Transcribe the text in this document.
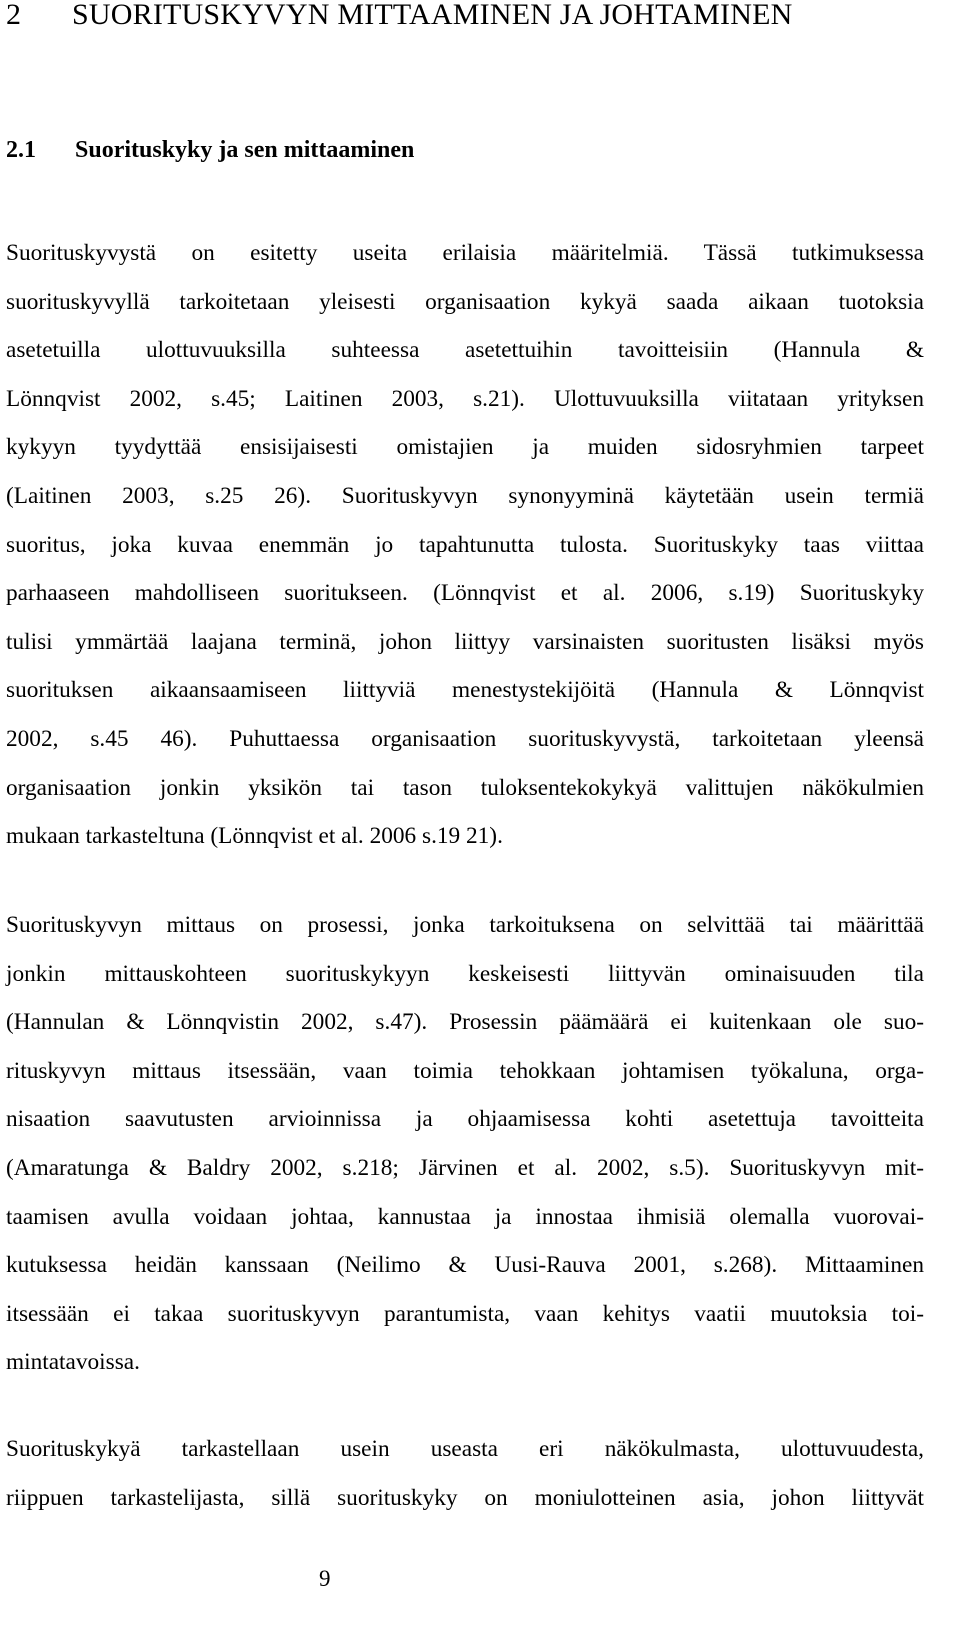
2 SUORITUSKYVYN MITTAAMINEN JA JOHTAMINEN
2.1 Suorituskyky ja sen mittaaminen
Suorituskyvystä on esitetty useita erilaisia määritelmiä. Tässä tutkimuksessa
suorituskyvyllä tarkoitetaan yleisesti organisaation kykyä saada aikaan tuotoksia
asetetuilla ulottuvuuksilla suhteessa asetettuihin tavoitteisiin (Hannula &
Lönnqvist 2002, s.45; Laitinen 2003, s.21). Ulottuvuuksilla viitataan yrityksen
kykyyn tyydyttää ensisijaisesti omistajien ja muiden sidosryhmien tarpeet
(Laitinen 2003, s.25 26). Suorituskyvyn synonyyminä käytetään usein termiä
suoritus, joka kuvaa enemmän jo tapahtunutta tulosta. Suorituskyky taas viittaa
parhaaseen mahdolliseen suoritukseen. (Lönnqvist et al. 2006, s.19) Suorituskyky
tulisi ymmärtää laajana terminä, johon liittyy varsinaisten suoritusten lisäksi myös
suorituksen aikaansaamiseen liittyviä menestystekijöitä (Hannula & Lönnqvist
2002, s.45 46). Puhuttaessa organisaation suorituskyvystä, tarkoitetaan yleensä
organisaation jonkin yksikön tai tason tuloksentekokykyä valittujen näkökulmien
mukaan tarkasteltuna (Lönnqvist et al. 2006 s.19 21).
Suorituskyvyn mittaus on prosessi, jonka tarkoituksena on selvittää tai määrittää
jonkin mittauskohteen suorituskykyyn keskeisesti liittyvän ominaisuuden tila
(Hannulan & Lönnqvistin 2002, s.47). Prosessin päämäärä ei kuitenkaan ole suo-
rituskyvyn mittaus itsessään, vaan toimia tehokkaan johtamisen työkaluna, orga-
nisaation saavutusten arvioinnissa ja ohjaamisessa kohti asetettuja tavoitteita
(Amaratunga & Baldry 2002, s.218; Järvinen et al. 2002, s.5). Suorituskyvyn mit-
taamisen avulla voidaan johtaa, kannustaa ja innostaa ihmisiä olemalla vuorovai-
kutuksessa heidän kanssaan (Neilimo & Uusi-Rauva 2001, s.268). Mittaaminen
itsessään ei takaa suorituskyvyn parantumista, vaan kehitys vaatii muutoksia toi-
mintatavoissa.
Suorituskykyä tarkastellaan usein useasta eri näkökulmasta, ulottuvuudesta,
riippuen tarkastelijasta, sillä suorituskyky on moniulotteinen asia, johon liittyvät
9
